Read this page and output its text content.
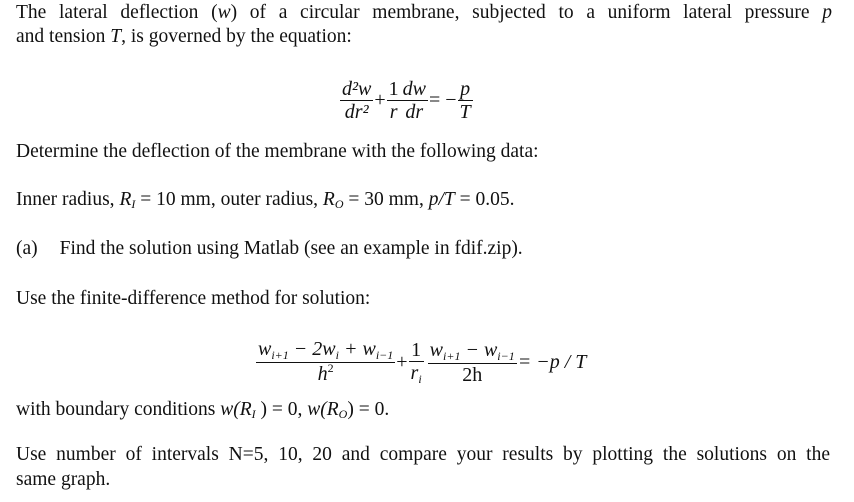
The lateral deflection (w) of a circular membrane, subjected to a uniform lateral pressure p
and tension T, is governed by the equation:
$\frac{\text{d²w}}{\text{dr²}} + \frac{1}{r} \frac{dw}{dr}$ = − $\frac{p}{T}$
Determine the deflection of the membrane with the following data:
Inner radius, RI = 10 mm, outer radius, RO = 30 mm, p/T = 0.05.
(a) Find the solution using Matlab (see an example in fdif.zip).
Use the finite-difference method for solution:
$\frac{w_{i+1} - 2w_i + w_{i-1}}{h^2} + \frac{1}{r_i} \frac{w_{i+1} - w_{i-1}}{2h} = -p / T$
with boundary conditions w(RI ) = 0, w(RO) = 0.
Use number of intervals N=5, 10, 20 and compare your results by plotting the solutions on the
same graph.
